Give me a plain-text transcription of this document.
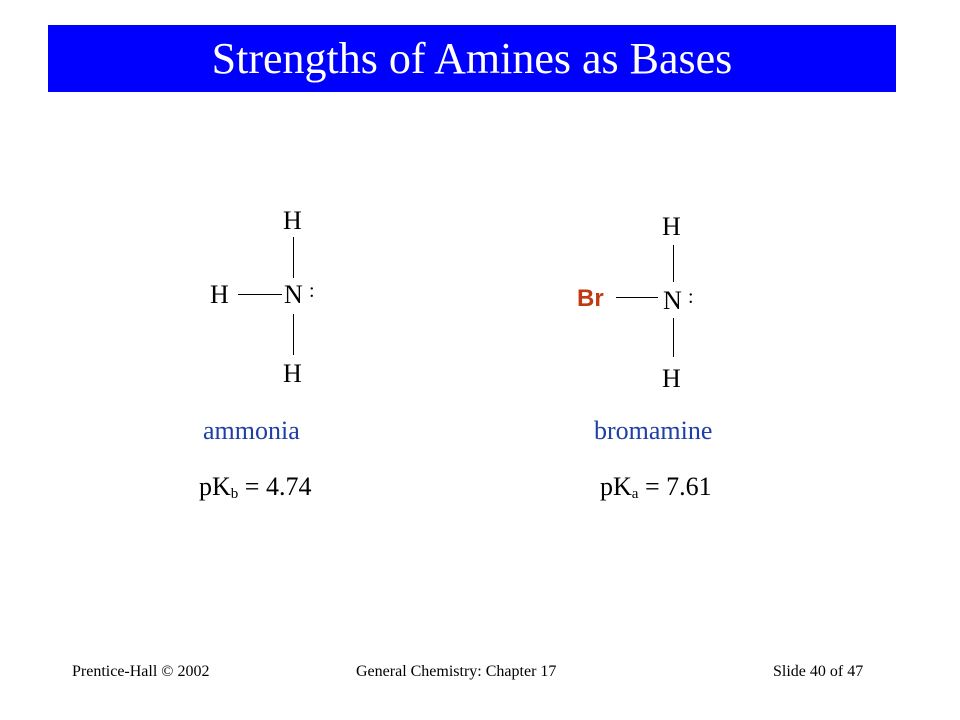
Strengths of Amines as Bases
H
H N :
H
ammonia
$pK_b = 4.74$
H
Br N :
H
bromamine
$pK_a = 7.61$
Prentice-Hall © 2002	General Chemistry: Chapter 17	Slide 40 of 47
